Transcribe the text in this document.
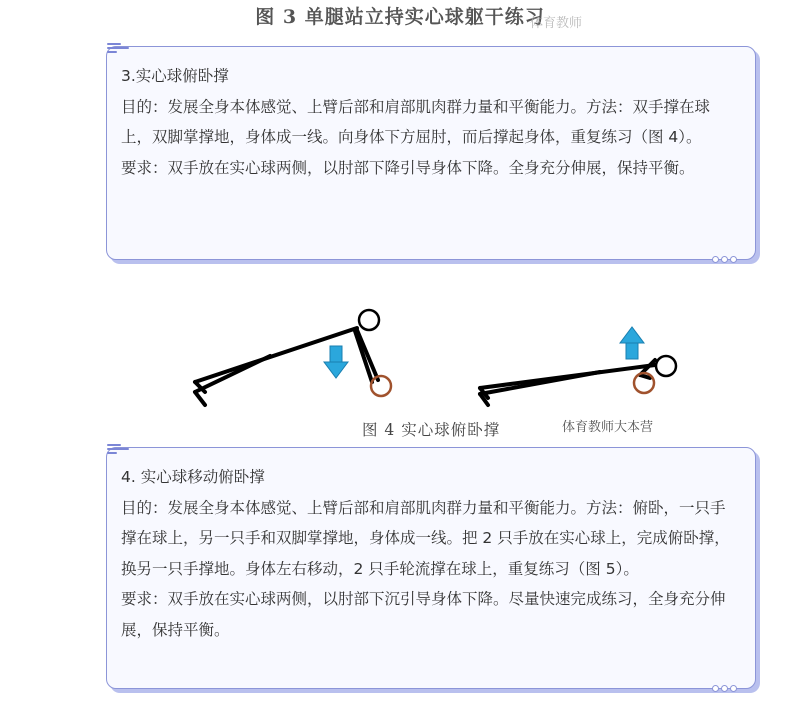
图 3 单腿站立持实心球躯干练习
体育教师

3.实心球俯卧撑

目的：发展全身本体感觉、上臂后部和肩部肌肉群力量和平衡能力。方法：双手撑在球上，双脚掌撑地，身体成一线。向身体下方屈肘，而后撑起身体，重复练习（图 4）。

要求：双手放在实心球两侧，以肘部下降引导身体下降。全身充分伸展，保持平衡。

图 4 实心球俯卧撑	体育教师大本营

4. 实心球移动俯卧撑

目的：发展全身本体感觉、上臂后部和肩部肌肉群力量和平衡能力。方法：俯卧，一只手撑在球上，另一只手和双脚掌撑地，身体成一线。把 2 只手放在实心球上，完成俯卧撑，换另一只手撑地。身体左右移动，2 只手轮流撑在球上，重复练习（图 5）。

要求：双手放在实心球两侧，以肘部下沉引导身体下降。尽量快速完成练习，全身充分伸展，保持平衡。
